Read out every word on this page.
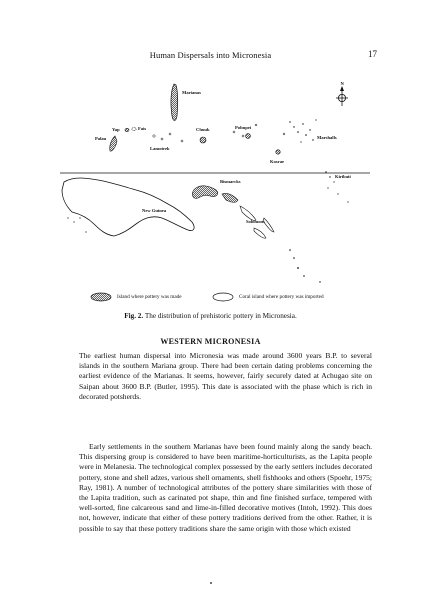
Human Dispersals into Micronesia	17
N
Marianas
Yap	Fais
Palau
Lamotrek
Chuuk	Pohnpei
Kosrae
Marshalls
Kiribati
New Guinea
Bismarcks
Solomons
Island where pottery was made	Coral island where pottery was imported
Fig. 2. The distribution of prehistoric pottery in Micronesia.
WESTERN MICRONESIA

The earliest human dispersal into Micronesia was made around 3600 years B.P. to several islands in the southern Mariana group. There had been certain dating problems concerning the earliest evidence of the Marianas. It seems, however, fairly securely dated at Achugao site on Saipan about 3600 B.P. (Butler, 1995). This date is associated with the phase which is rich in decorated potsherds.

Early settlements in the southern Marianas have been found mainly along the sandy beach. This dispersing group is considered to have been maritime-horticulturists, as the Lapita people were in Melanesia. The technological complex possessed by the early settlers includes decorated pottery, stone and shell adzes, various shell ornaments, shell fishhooks and others (Spoehr, 1975; Ray, 1981). A number of technological attributes of the pottery share similarities with those of the Lapita tradition, such as carinated pot shape, thin and fine finished surface, tempered with well-sorted, fine calcareous sand and lime-in-filled decorative motives (Intoh, 1992). This does not, however, indicate that either of these pottery traditions derived from the other. Rather, it is possible to say that these pottery traditions share the same origin with those which existed
